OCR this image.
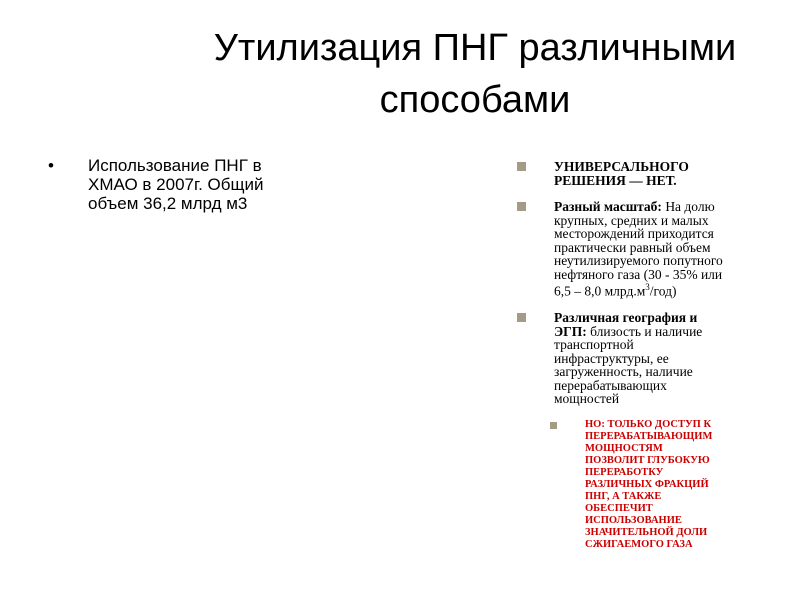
Утилизация ПНГ различными
способами
•	Использование ПНГ в
ХМАО в 2007г. Общий
объем 36,2 млрд м3
УНИВЕРСАЛЬНОГО
РЕШЕНИЯ — НЕТ.
Разный масштаб: На долю
крупных, средних и малых
месторождений приходится
практически равный объем
неутилизируемого попутного
нефтяного газа (30 - 35% или
6,5 – 8,0 $млрд.м^3/год$)
Различная география и
ЭГП: близость и наличие
транспортной
инфраструктуры, ее
загруженность, наличие
перерабатывающих
мощностей
НО: ТОЛЬКО ДОСТУП К
ПЕРЕРАБАТЫВАЮЩИМ
МОЩНОСТЯМ
ПОЗВОЛИТ ГЛУБОКУЮ
ПЕРЕРАБОТКУ
РАЗЛИЧНЫХ ФРАКЦИЙ
ПНГ, А ТАКЖЕ
ОБЕСПЕЧИТ
ИСПОЛЬЗОВАНИЕ
ЗНАЧИТЕЛЬНОЙ ДОЛИ
СЖИГАЕМОГО ГАЗА
